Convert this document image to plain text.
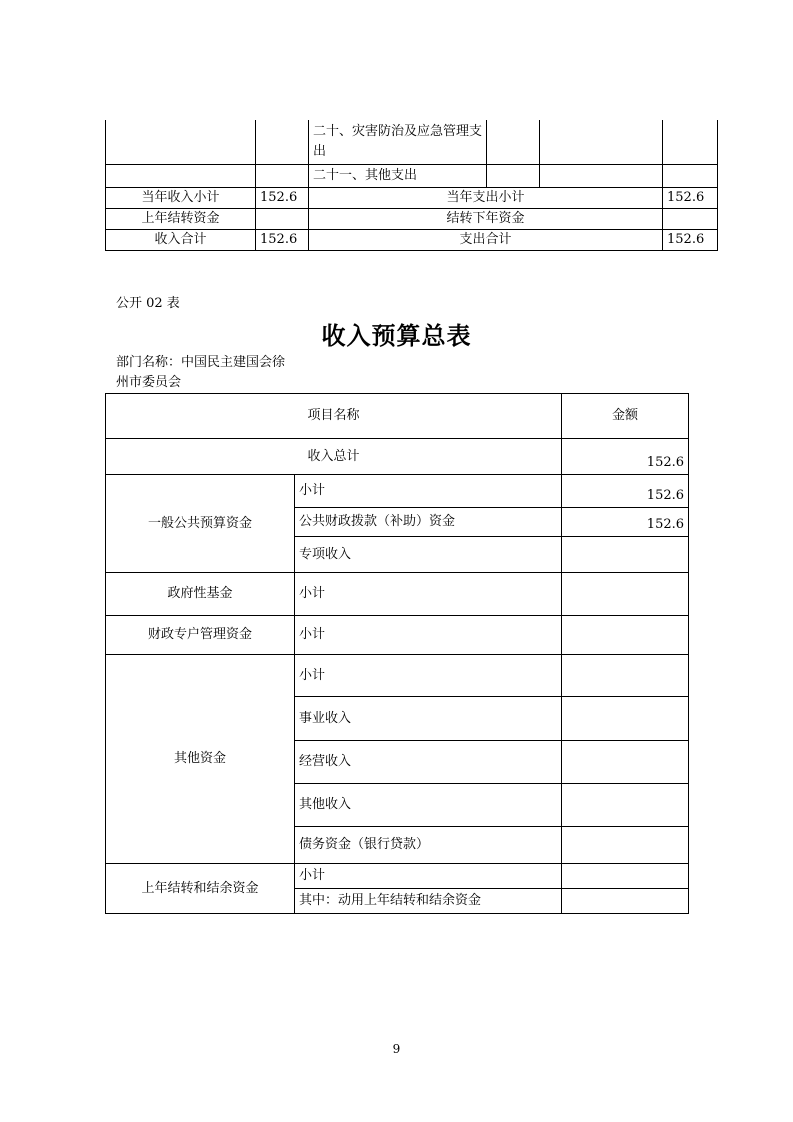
		二十、灾害防治及应急管理支出			
		二十一、其他支出			
当年收入小计	152.6	当年支出小计			152.6
上年结转资金		结转下年资金			
收入合计	152.6	支出合计			152.6
公开 02 表
收入预算总表
部门名称：中国民主建国会徐
州市委员会
项目名称		金额
收入总计		152.6
一般公共预算资金	小计	152.6
	公共财政拨款（补助）资金	152.6
	专项收入	
政府性基金	小计	
财政专户管理资金	小计	
其他资金	小计	
	事业收入	
	经营收入	
	其他收入	
	债务资金（银行贷款）	
上年结转和结余资金	小计	
	其中：动用上年结转和结余资金	
9
